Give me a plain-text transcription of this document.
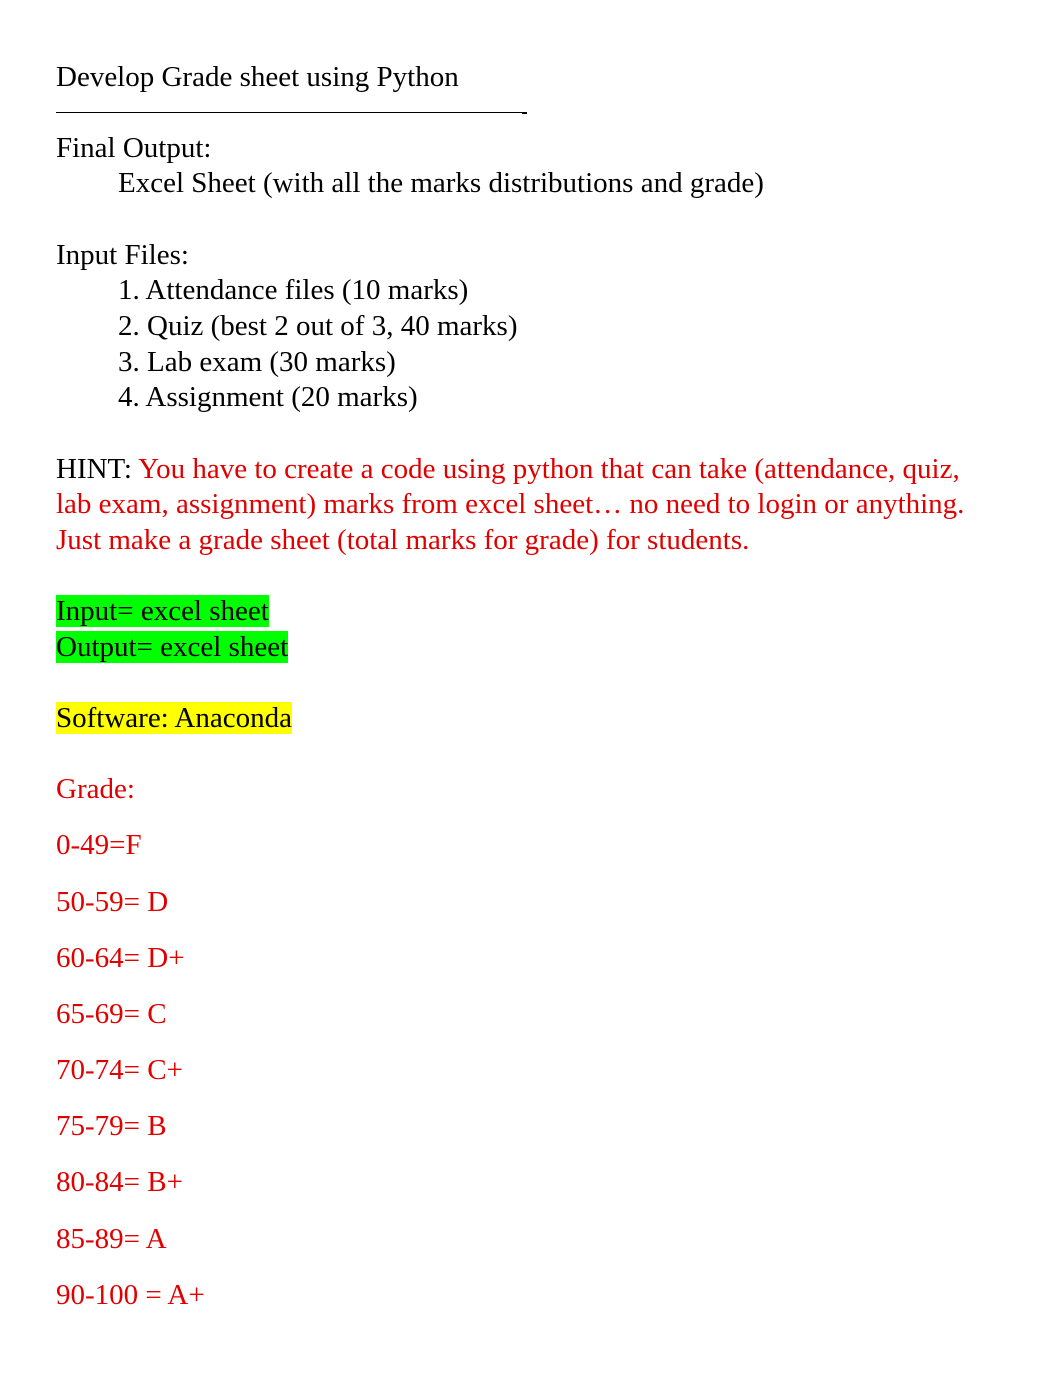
Develop Grade sheet using Python
Final Output:
Excel Sheet (with all the marks distributions and grade)
Input Files:
1. Attendance files (10 marks)
2. Quiz (best 2 out of 3, 40 marks)
3. Lab exam (30 marks)
4. Assignment (20 marks)
HINT: You have to create a code using python that can take (attendance, quiz,
lab exam, assignment) marks from excel sheet… no need to login or anything.
Just make a grade sheet (total marks for grade) for students.
Input= excel sheet
Output= excel sheet
Software: Anaconda
Grade:
0-49=F
50-59= D
60-64= D+
65-69= C
70-74= C+
75-79= B
80-84= B+
85-89= A
90-100 = A+
